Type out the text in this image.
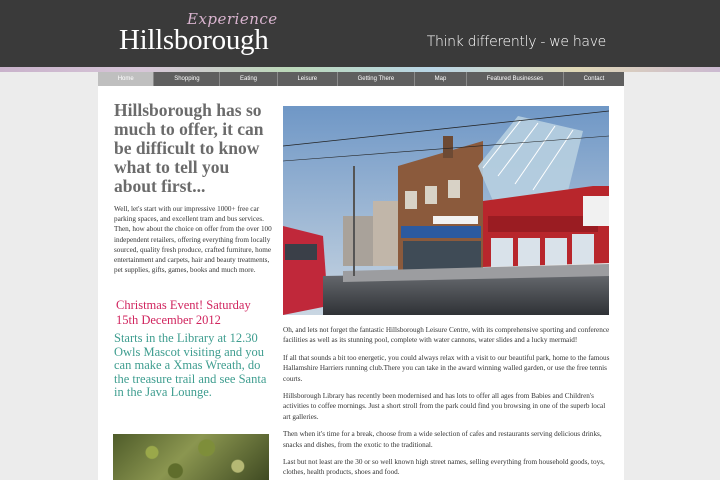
Experience
Hillsborough	Think differently - we have
Home	Shopping	Eating	Leisure	Getting There	Map	Featured Businesses	Contact
Hillsborough has so much to offer, it can be difficult to know what to tell you about first...

Well, let's start with our impressive 1000+ free car parking spaces, and excellent tram and bus services. Then, how about the choice on offer from the over 100 independent retailers, offering everything from locally sourced, quality fresh produce, crafted furniture, home entertainment and carpets, hair and beauty treatments, pet supplies, gifts, games, books and much more.

Christmas Event! Saturday 15th December 2012
Starts in the Library at 12.30 Owls Mascot visiting and you can make a Xmas Wreath, do the treasure trail and see Santa in the Java Lounge.

Oh, and lets not forget the fantastic Hillsborough Leisure Centre, with its comprehensive sporting and conference facilities as well as its stunning pool, complete with water cannons, water slides and a lucky mermaid!

If all that sounds a bit too energetic, you could always relax with a visit to our beautiful park, home to the famous Hallamshire Harriers running club.There you can take in the award winning walled garden, or use the free tennis courts.

Hillsborough Library has recently been modernised and has lots to offer all ages from Babies and Children's activities to coffee mornings. Just a short stroll from the park could find you browsing in one of the superb local art galleries.

Then when it's time for a break, choose from a wide selection of cafes and restaurants serving delicious drinks, snacks and dishes, from the exotic to the traditional.

Last but not least are the 30 or so well known high street names, selling everything from household goods, toys, clothes, health products, shoes and food.
